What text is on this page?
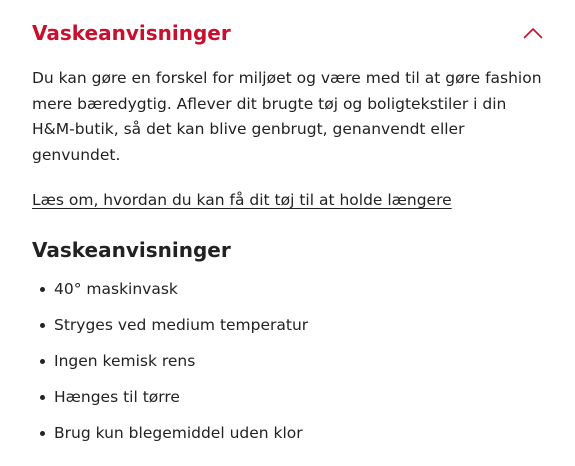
Vaskeanvisninger

Du kan gøre en forskel for miljøet og være med til at gøre fashion mere bæredygtig. Aflever dit brugte tøj og boligtekstiler i din H&M-butik, så det kan blive genbrugt, genanvendt eller genvundet.

Læs om, hvordan du kan få dit tøj til at holde længere
Vaskeanvisninger
40° maskinvask
Stryges ved medium temperatur
Ingen kemisk rens
Hænges til tørre
Brug kun blegemiddel uden klor
